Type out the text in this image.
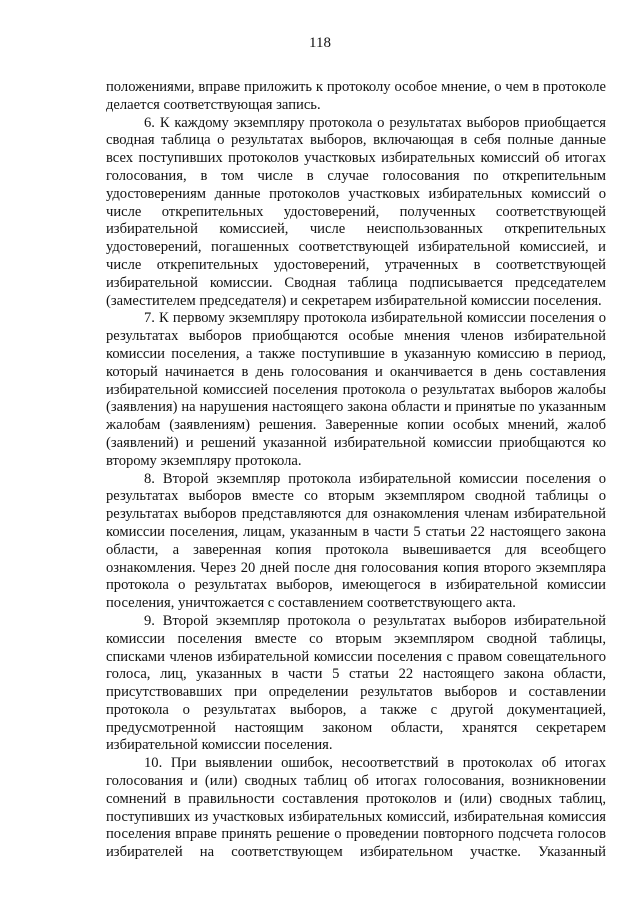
118

положениями, вправе приложить к протоколу особое мнение, о чем в протоколе делается соответствующая запись.

6. К каждому экземпляру протокола о результатах выборов приобщается сводная таблица о результатах выборов, включающая в себя полные данные всех поступивших протоколов участковых избирательных комиссий об итогах голосования, в том числе в случае голосования по открепительным удостоверениям данные протоколов участковых избирательных комиссий о числе открепительных удостоверений, полученных соответствующей избирательной комиссией, числе неиспользованных открепительных удостоверений, погашенных соответствующей избирательной комиссией, и числе открепительных удостоверений, утраченных в соответствующей избирательной комиссии. Сводная таблица подписывается председателем (заместителем председателя) и секретарем избирательной комиссии поселения.

7. К первому экземпляру протокола избирательной комиссии поселения о результатах выборов приобщаются особые мнения членов избирательной комиссии поселения, а также поступившие в указанную комиссию в период, который начинается в день голосования и оканчивается в день составления избирательной комиссией поселения протокола о результатах выборов жалобы (заявления) на нарушения настоящего закона области и принятые по указанным жалобам (заявлениям) решения. Заверенные копии особых мнений, жалоб (заявлений) и решений указанной избирательной комиссии приобщаются ко второму экземпляру протокола.

8. Второй экземпляр протокола избирательной комиссии поселения о результатах выборов вместе со вторым экземпляром сводной таблицы о результатах выборов представляются для ознакомления членам избирательной комиссии поселения, лицам, указанным в части 5 статьи 22 настоящего закона области, а заверенная копия протокола вывешивается для всеобщего ознакомления. Через 20 дней после дня голосования копия второго экземпляра протокола о результатах выборов, имеющегося в избирательной комиссии поселения, уничтожается с составлением соответствующего акта.

9. Второй экземпляр протокола о результатах выборов избирательной комиссии поселения вместе со вторым экземпляром сводной таблицы, списками членов избирательной комиссии поселения с правом совещательного голоса, лиц, указанных в части 5 статьи 22 настоящего закона области, присутствовавших при определении результатов выборов и составлении протокола о результатах выборов, а также с другой документацией, предусмотренной настоящим законом области, хранятся секретарем избирательной комиссии поселения.

10. При выявлении ошибок, несоответствий в протоколах об итогах голосования и (или) сводных таблиц об итогах голосования, возникновении сомнений в правильности составления протоколов и (или) сводных таблиц, поступивших из участковых избирательных комиссий, избирательная комиссия поселения вправе принять решение о проведении повторного подсчета голосов избирателей на соответствующем избирательном участке. Указанный
